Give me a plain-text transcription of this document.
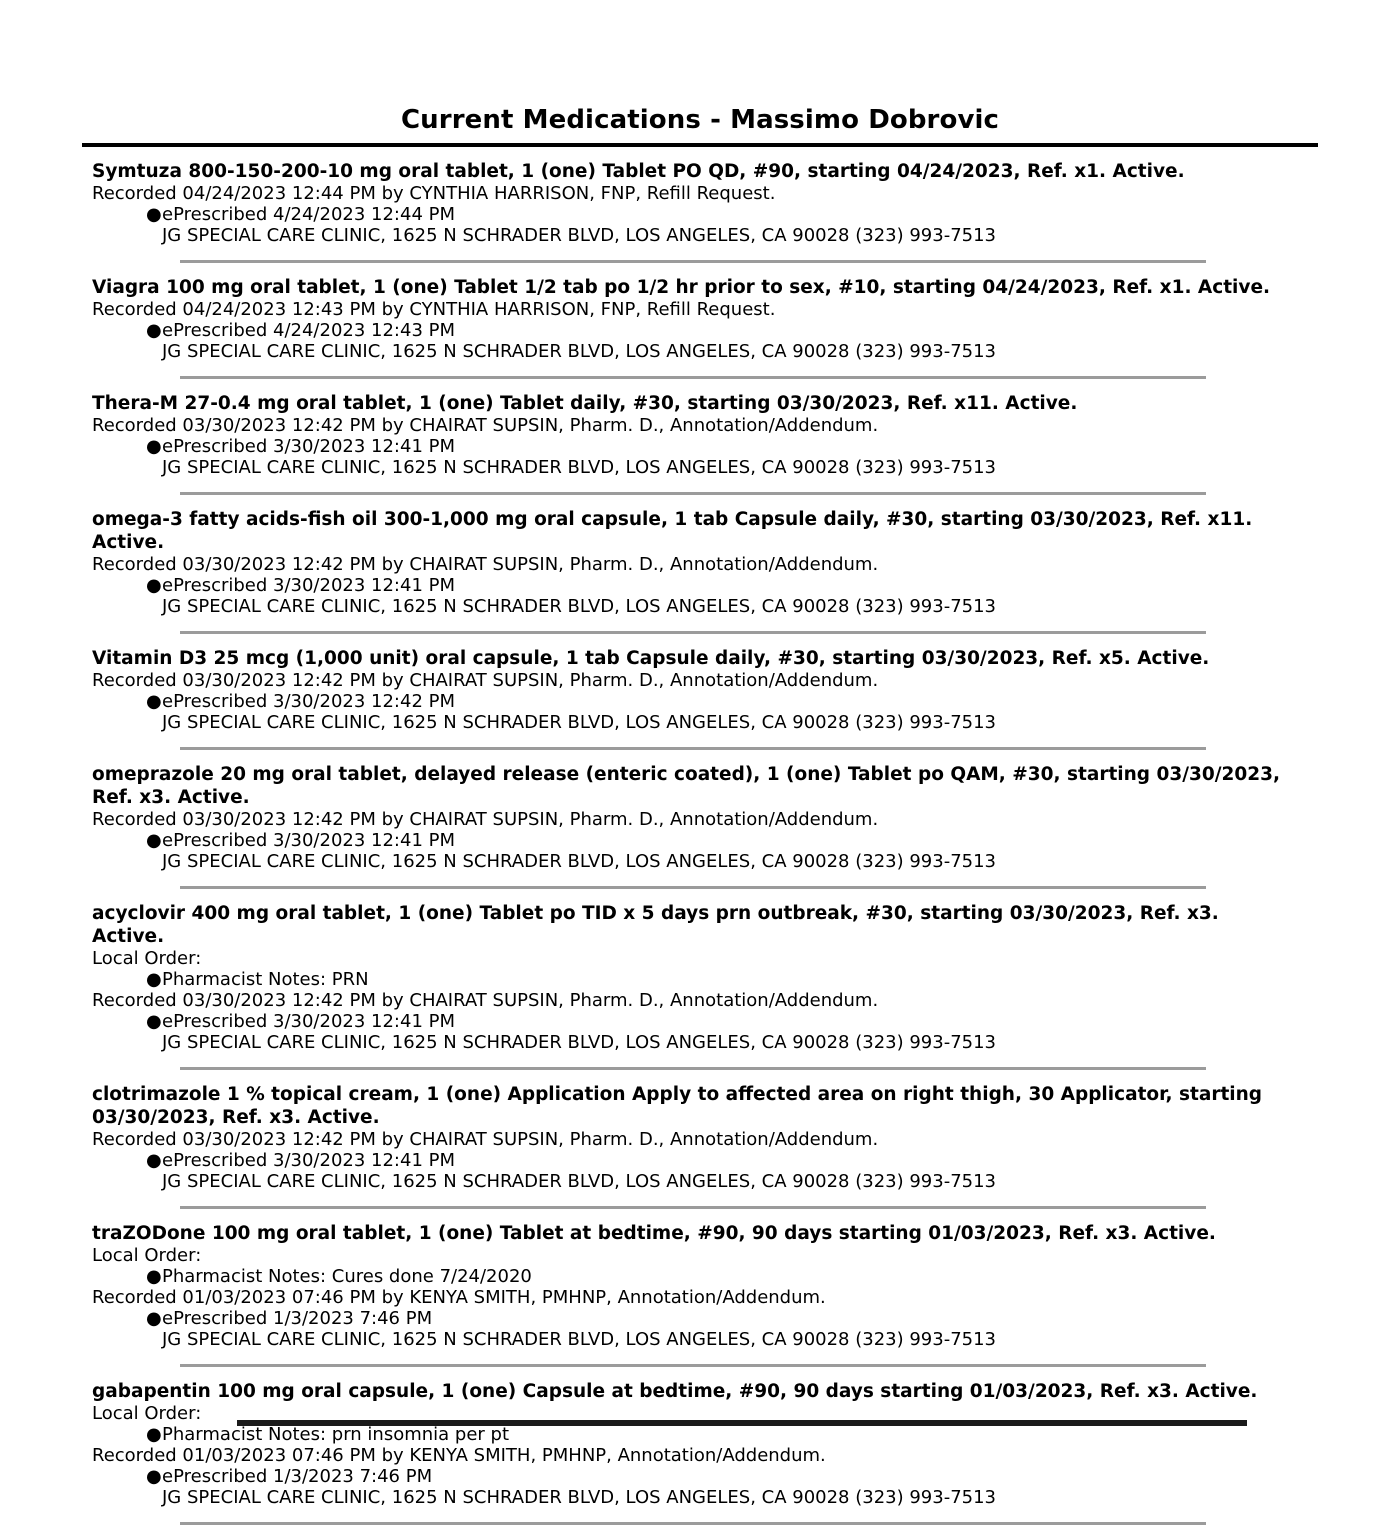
Current Medications - Massimo Dobrovic
Symtuza 800-150-200-10 mg oral tablet, 1 (one) Tablet PO QD, #90, starting 04/24/2023, Ref. x1. Active.
Recorded 04/24/2023 12:44 PM by CYNTHIA HARRISON, FNP, Refill Request.
● ePrescribed 4/24/2023 12:44 PM
JG SPECIAL CARE CLINIC, 1625 N SCHRADER BLVD, LOS ANGELES, CA 90028 (323) 993-7513
Viagra 100 mg oral tablet, 1 (one) Tablet 1/2 tab po 1/2 hr prior to sex, #10, starting 04/24/2023, Ref. x1. Active.
Recorded 04/24/2023 12:43 PM by CYNTHIA HARRISON, FNP, Refill Request.
● ePrescribed 4/24/2023 12:43 PM
JG SPECIAL CARE CLINIC, 1625 N SCHRADER BLVD, LOS ANGELES, CA 90028 (323) 993-7513
Thera-M 27-0.4 mg oral tablet, 1 (one) Tablet daily, #30, starting 03/30/2023, Ref. x11. Active.
Recorded 03/30/2023 12:42 PM by CHAIRAT SUPSIN, Pharm. D., Annotation/Addendum.
● ePrescribed 3/30/2023 12:41 PM
JG SPECIAL CARE CLINIC, 1625 N SCHRADER BLVD, LOS ANGELES, CA 90028 (323) 993-7513
omega-3 fatty acids-fish oil 300-1,000 mg oral capsule, 1 tab Capsule daily, #30, starting 03/30/2023, Ref. x11. Active.
Recorded 03/30/2023 12:42 PM by CHAIRAT SUPSIN, Pharm. D., Annotation/Addendum.
● ePrescribed 3/30/2023 12:41 PM
JG SPECIAL CARE CLINIC, 1625 N SCHRADER BLVD, LOS ANGELES, CA 90028 (323) 993-7513
Vitamin D3 25 mcg (1,000 unit) oral capsule, 1 tab Capsule daily, #30, starting 03/30/2023, Ref. x5. Active.
Recorded 03/30/2023 12:42 PM by CHAIRAT SUPSIN, Pharm. D., Annotation/Addendum.
● ePrescribed 3/30/2023 12:42 PM
JG SPECIAL CARE CLINIC, 1625 N SCHRADER BLVD, LOS ANGELES, CA 90028 (323) 993-7513
omeprazole 20 mg oral tablet, delayed release (enteric coated), 1 (one) Tablet po QAM, #30, starting 03/30/2023, Ref. x3. Active.
Recorded 03/30/2023 12:42 PM by CHAIRAT SUPSIN, Pharm. D., Annotation/Addendum.
● ePrescribed 3/30/2023 12:41 PM
JG SPECIAL CARE CLINIC, 1625 N SCHRADER BLVD, LOS ANGELES, CA 90028 (323) 993-7513
acyclovir 400 mg oral tablet, 1 (one) Tablet po TID x 5 days prn outbreak, #30, starting 03/30/2023, Ref. x3. Active.
Local Order:
● Pharmacist Notes: PRN
Recorded 03/30/2023 12:42 PM by CHAIRAT SUPSIN, Pharm. D., Annotation/Addendum.
● ePrescribed 3/30/2023 12:41 PM
JG SPECIAL CARE CLINIC, 1625 N SCHRADER BLVD, LOS ANGELES, CA 90028 (323) 993-7513
clotrimazole 1 % topical cream, 1 (one) Application Apply to affected area on right thigh, 30 Applicator, starting 03/30/2023, Ref. x3. Active.
Recorded 03/30/2023 12:42 PM by CHAIRAT SUPSIN, Pharm. D., Annotation/Addendum.
● ePrescribed 3/30/2023 12:41 PM
JG SPECIAL CARE CLINIC, 1625 N SCHRADER BLVD, LOS ANGELES, CA 90028 (323) 993-7513
traZODone 100 mg oral tablet, 1 (one) Tablet at bedtime, #90, 90 days starting 01/03/2023, Ref. x3. Active.
Local Order:
● Pharmacist Notes: Cures done 7/24/2020
Recorded 01/03/2023 07:46 PM by KENYA SMITH, PMHNP, Annotation/Addendum.
● ePrescribed 1/3/2023 7:46 PM
JG SPECIAL CARE CLINIC, 1625 N SCHRADER BLVD, LOS ANGELES, CA 90028 (323) 993-7513
gabapentin 100 mg oral capsule, 1 (one) Capsule at bedtime, #90, 90 days starting 01/03/2023, Ref. x3. Active.
Local Order:
● Pharmacist Notes: prn insomnia per pt
Recorded 01/03/2023 07:46 PM by KENYA SMITH, PMHNP, Annotation/Addendum.
● ePrescribed 1/3/2023 7:46 PM
JG SPECIAL CARE CLINIC, 1625 N SCHRADER BLVD, LOS ANGELES, CA 90028 (323) 993-7513
